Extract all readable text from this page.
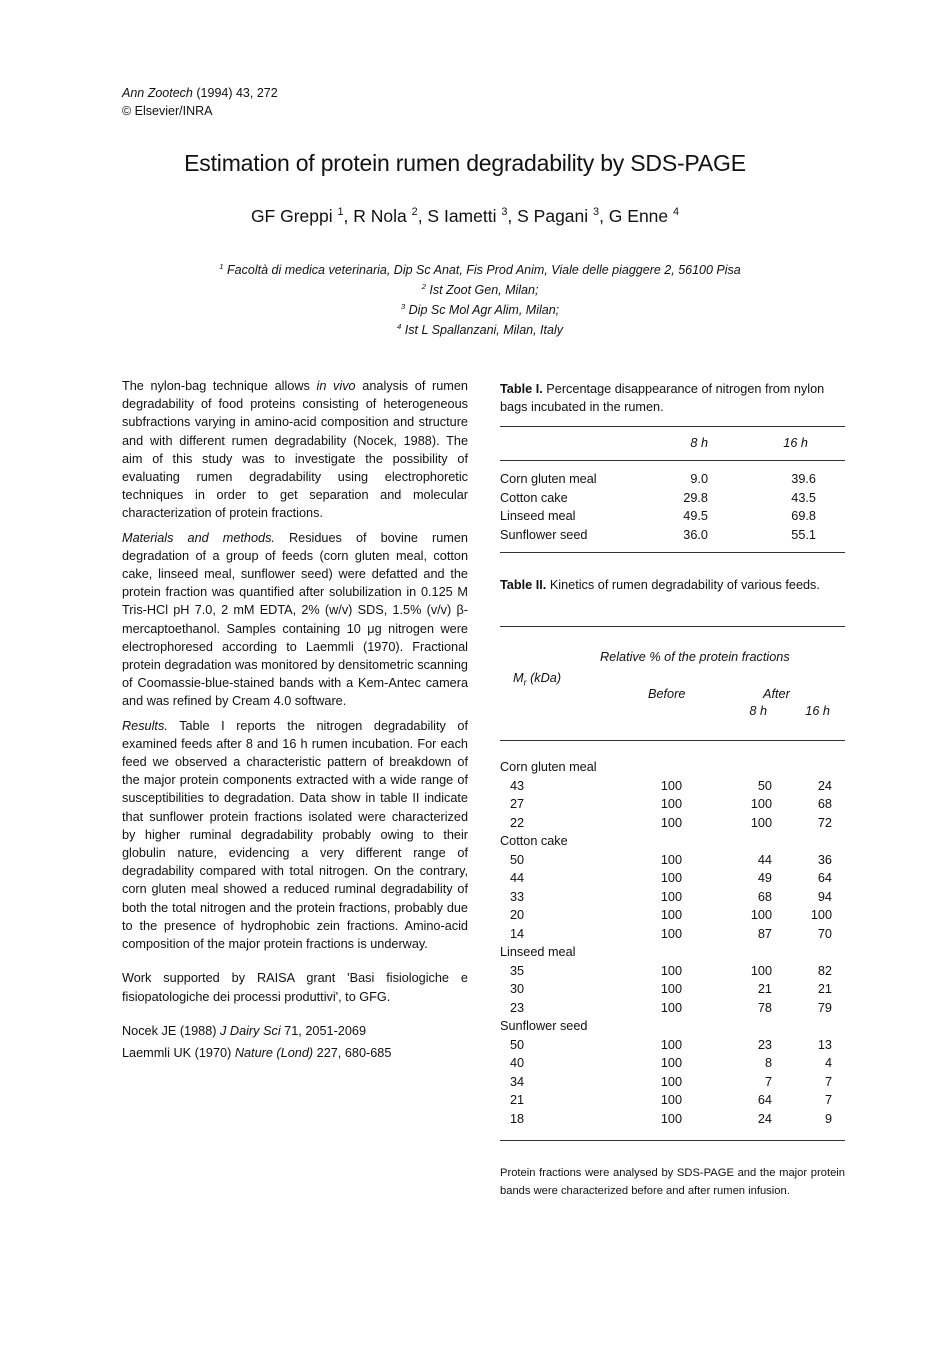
Ann Zootech (1994) 43, 272
© Elsevier/INRA
Estimation of protein rumen degradability by SDS-PAGE
GF Greppi $^1$, R Nola $^2$, S Iametti $^3$, S Pagani $^3$, G Enne $^4$
$^1$ Facoltà di medica veterinaria, Dip Sc Anat, Fis Prod Anim, Viale delle piaggere 2, 56100 Pisa
$^2$ Ist Zoot Gen, Milan;
$^3$ Dip Sc Mol Agr Alim, Milan;
$^4$ Ist L Spallanzani, Milan, Italy

The nylon-bag technique allows in vivo analysis of rumen degradability of food proteins consisting of heterogeneous subfractions varying in amino-acid composition and structure and with different rumen degradability (Nocek, 1988). The aim of this study was to investigate the possibility of evaluating rumen degradability using electrophoretic techniques in order to get separation and molecular characterization of protein fractions.

Materials and methods. Residues of bovine rumen degradation of a group of feeds (corn gluten meal, cotton cake, linseed meal, sunflower seed) were defatted and the protein fraction was quantified after solubilization in 0.125 M Tris-HCl pH 7.0, 2 mM EDTA, 2% (w/v) SDS, 1.5% (v/v) β-mercaptoethanol. Samples containing 10 μg nitrogen were electrophoresed according to Laemmli (1970). Fractional protein degradation was monitored by densitometric scanning of Coomassie-blue-stained bands with a Kem-Antec camera and was refined by Cream 4.0 software.

Results. Table I reports the nitrogen degradability of examined feeds after 8 and 16 h rumen incubation. For each feed we observed a characteristic pattern of breakdown of the major protein components extracted with a wide range of susceptibilities to degradation. Data show in table II indicate that sunflower protein fractions isolated were characterized by higher ruminal degradability probably owing to their globulin nature, evidencing a very different range of degradability compared with total nitrogen. On the contrary, corn gluten meal showed a reduced ruminal degradability of both the total nitrogen and the protein fractions, probably due to the presence of hydrophobic zein fractions. Amino-acid composition of the major protein fractions is underway.

Work supported by RAISA grant 'Basi fisiologiche e fisiopatologiche dei processi produttivi', to GFG.

Nocek JE (1988) J Dairy Sci 71, 2051-2069

Laemmli UK (1970) Nature (Lond) 227, 680-685

Table I. Percentage disappearance of nitrogen from nylon bags incubated in the rumen.
8 h	16 h
Corn gluten meal	9.0		39.6
Cotton cake	29.8		43.5
Linseed meal	49.5		69.8
Sunflower seed	36.0		55.1
Table II. Kinetics of rumen degradability of various feeds.
Relative % of the protein fractions
$M_r$ (kDa)
Before	After
8 h	16 h
Corn gluten meal			
43	100	50	24
27	100	100	68
22	100	100	72
Cotton cake			
50	100	44	36
44	100	49	64
33	100	68	94
20	100	100	100
14	100	87	70
Linseed meal			
35	100	100	82
30	100	21	21
23	100	78	79
Sunflower seed			
50	100	23	13
40	100	8	4
34	100	7	7
21	100	64	7
18	100	24	9
Protein fractions were analysed by SDS-PAGE and the major protein bands were characterized before and after rumen infusion.
